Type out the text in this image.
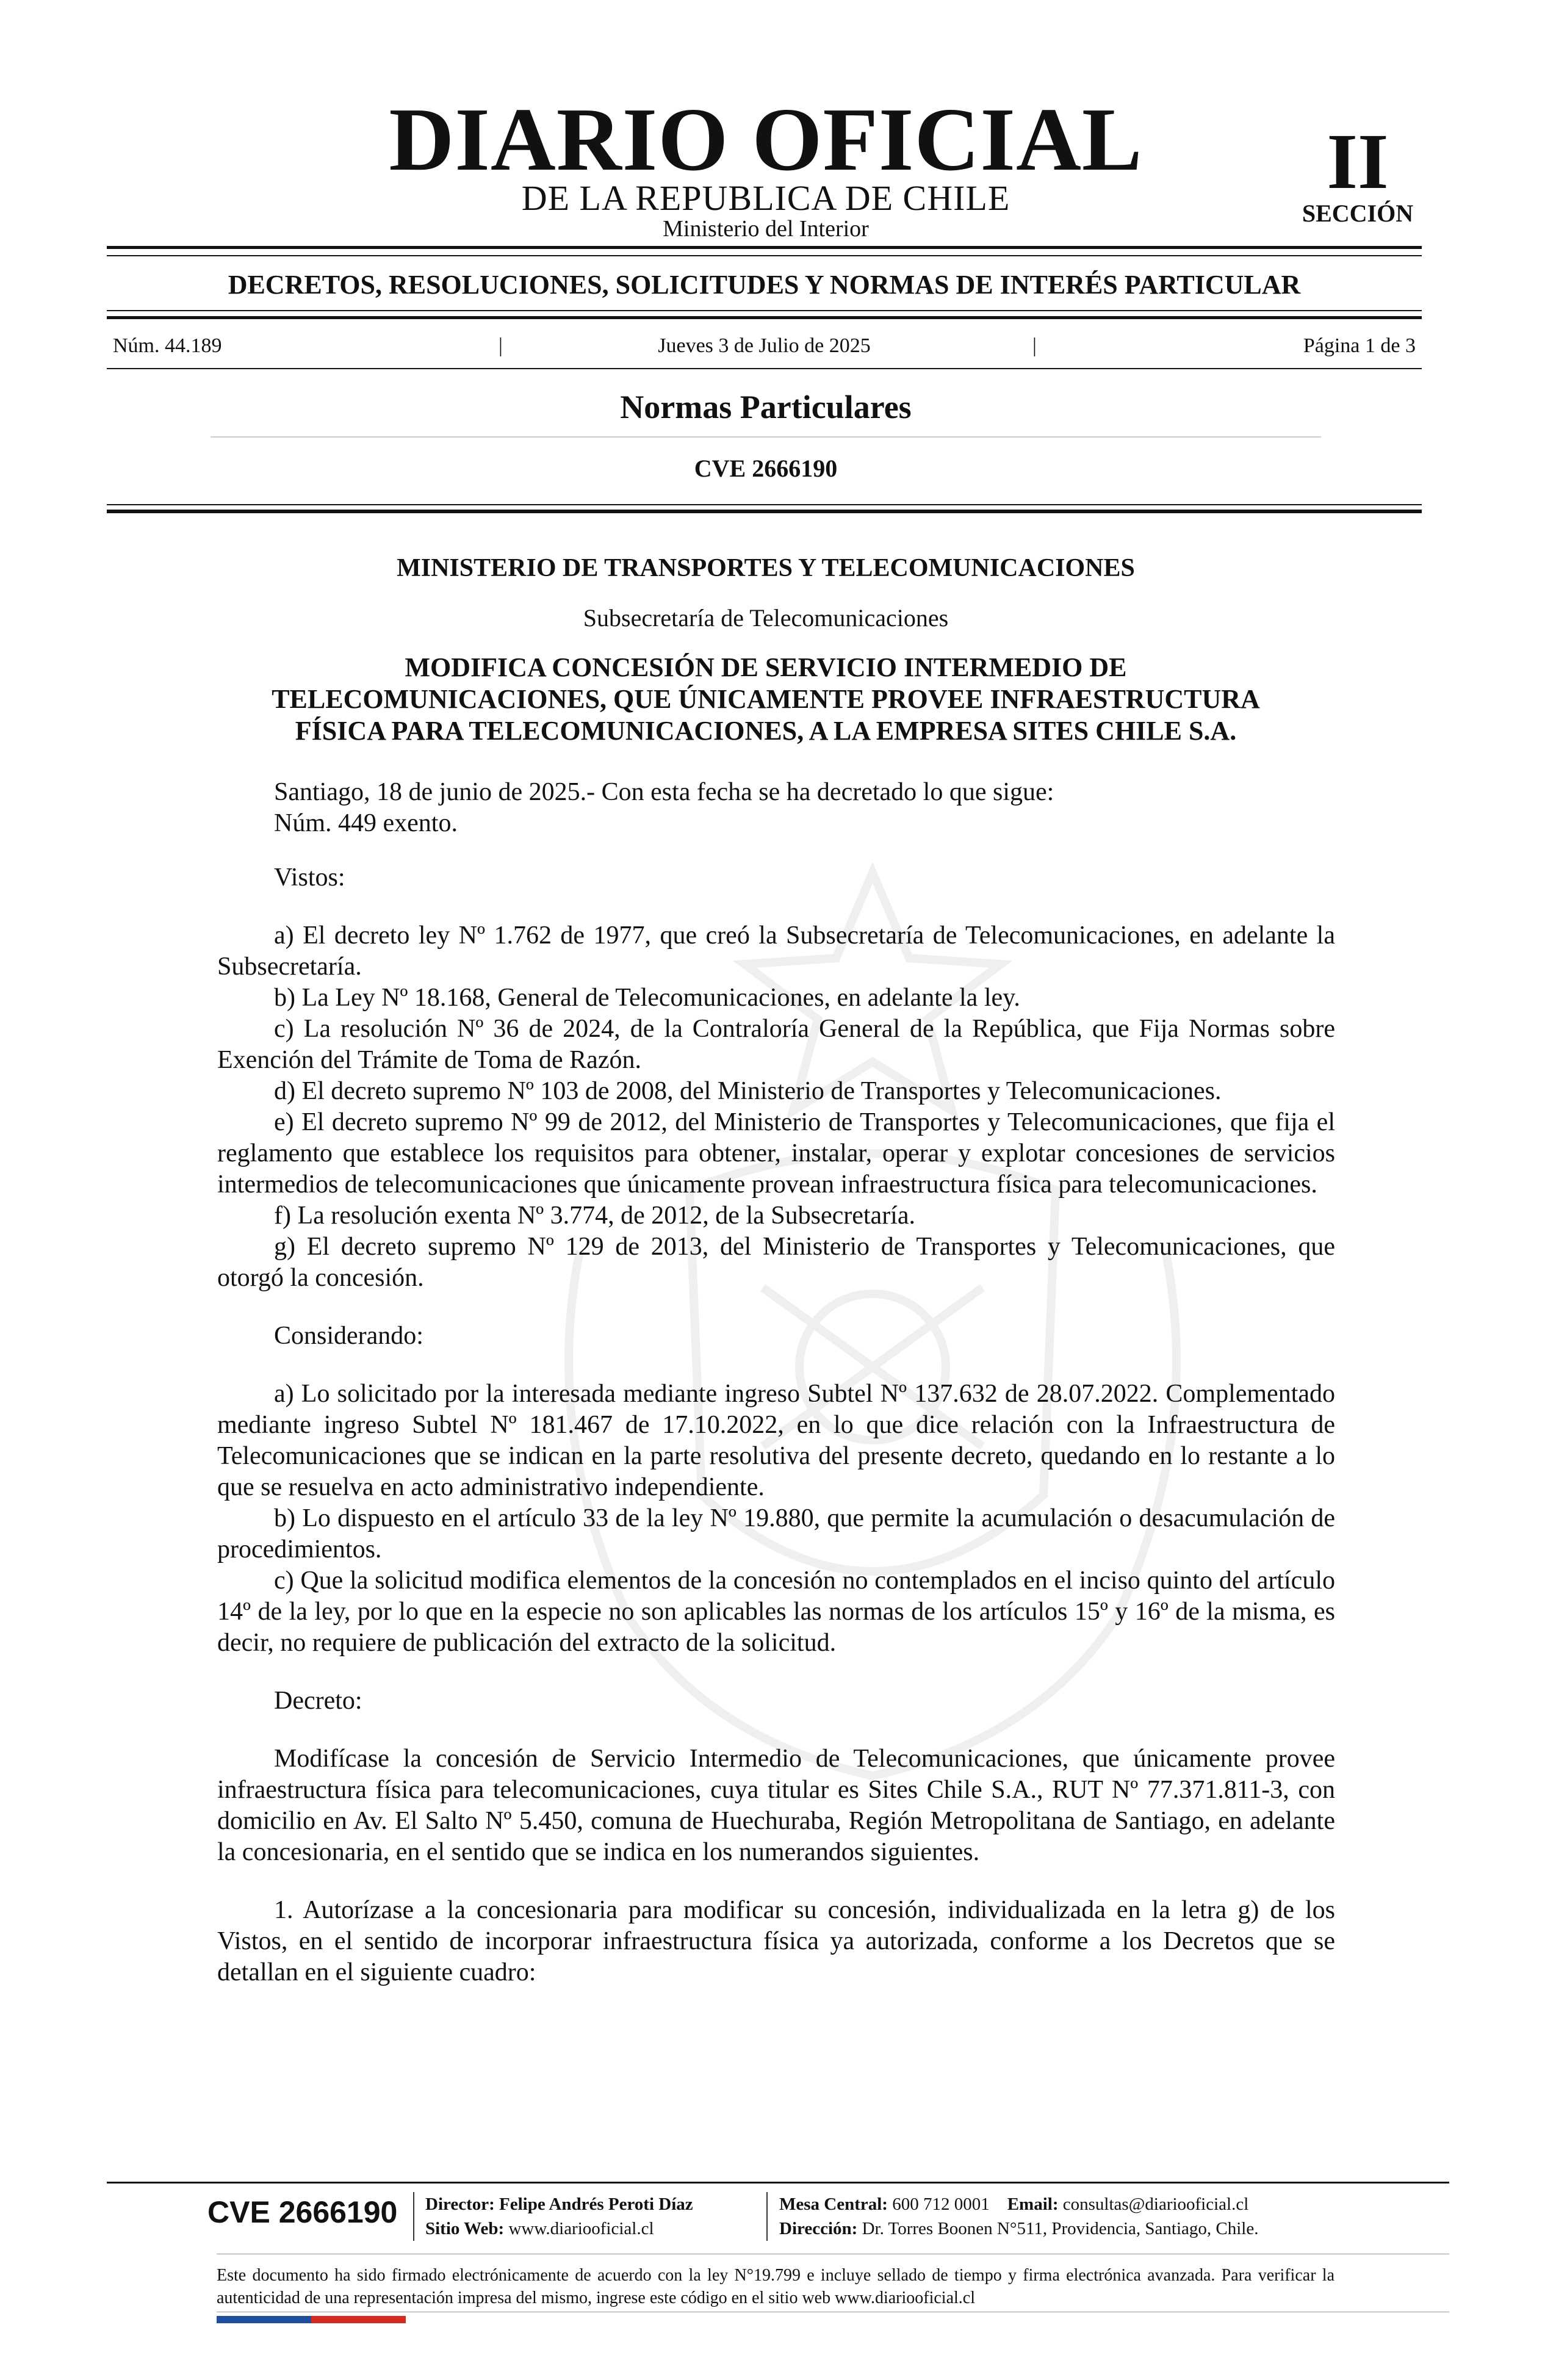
DIARIO OFICIAL
DE LA REPUBLICA DE CHILE
Ministerio del Interior
II
SECCIÓN
DECRETOS, RESOLUCIONES, SOLICITUDES Y NORMAS DE INTERÉS PARTICULAR
Núm. 44.189	|	Jueves 3 de Julio de 2025	|	Página 1 de 3
Normas Particulares
CVE 2666190
MINISTERIO DE TRANSPORTES Y TELECOMUNICACIONES
Subsecretaría de Telecomunicaciones
MODIFICA CONCESIÓN DE SERVICIO INTERMEDIO DE
TELECOMUNICACIONES, QUE ÚNICAMENTE PROVEE INFRAESTRUCTURA
FÍSICA PARA TELECOMUNICACIONES, A LA EMPRESA SITES CHILE S.A.

Santiago, 18 de junio de 2025.- Con esta fecha se ha decretado lo que sigue:

Núm. 449 exento.

Vistos:

a) El decreto ley Nº 1.762 de 1977, que creó la Subsecretaría de Telecomunicaciones, en adelante la Subsecretaría.

b) La Ley Nº 18.168, General de Telecomunicaciones, en adelante la ley.

c) La resolución Nº 36 de 2024, de la Contraloría General de la República, que Fija Normas sobre Exención del Trámite de Toma de Razón.

d) El decreto supremo Nº 103 de 2008, del Ministerio de Transportes y Telecomunicaciones.

e) El decreto supremo Nº 99 de 2012, del Ministerio de Transportes y Telecomunicaciones, que fija el reglamento que establece los requisitos para obtener, instalar, operar y explotar concesiones de servicios intermedios de telecomunicaciones que únicamente provean infraestructura física para telecomunicaciones.

f) La resolución exenta Nº 3.774, de 2012, de la Subsecretaría.

g) El decreto supremo Nº 129 de 2013, del Ministerio de Transportes y Telecomunicaciones, que otorgó la concesión.

Considerando:

a) Lo solicitado por la interesada mediante ingreso Subtel Nº 137.632 de 28.07.2022. Complementado mediante ingreso Subtel Nº 181.467 de 17.10.2022, en lo que dice relación con la Infraestructura de Telecomunicaciones que se indican en la parte resolutiva del presente decreto, quedando en lo restante a lo que se resuelva en acto administrativo independiente.

b) Lo dispuesto en el artículo 33 de la ley Nº 19.880, que permite la acumulación o desacumulación de procedimientos.

c) Que la solicitud modifica elementos de la concesión no contemplados en el inciso quinto del artículo 14º de la ley, por lo que en la especie no son aplicables las normas de los artículos 15º y 16º de la misma, es decir, no requiere de publicación del extracto de la solicitud.

Decreto:

Modifícase la concesión de Servicio Intermedio de Telecomunicaciones, que únicamente provee infraestructura física para telecomunicaciones, cuya titular es Sites Chile S.A., RUT Nº 77.371.811-3, con domicilio en Av. El Salto Nº 5.450, comuna de Huechuraba, Región Metropolitana de Santiago, en adelante la concesionaria, en el sentido que se indica en los numerandos siguientes.

1. Autorízase a la concesionaria para modificar su concesión, individualizada en la letra g) de los Vistos, en el sentido de incorporar infraestructura física ya autorizada, conforme a los Decretos que se detallan en el siguiente cuadro:

CVE 2666190 Director: Felipe Andrés Peroti Díaz
Sitio Web: www.diariooficial.cl
Mesa Central: 600 712 0001 Email: consultas@diariooficial.cl
Dirección: Dr. Torres Boonen N°511, Providencia, Santiago, Chile.
Este documento ha sido firmado electrónicamente de acuerdo con la ley N°19.799 e incluye sellado de tiempo y firma electrónica avanzada. Para verificar la autenticidad de una representación impresa del mismo, ingrese este código en el sitio web www.diariooficial.cl
